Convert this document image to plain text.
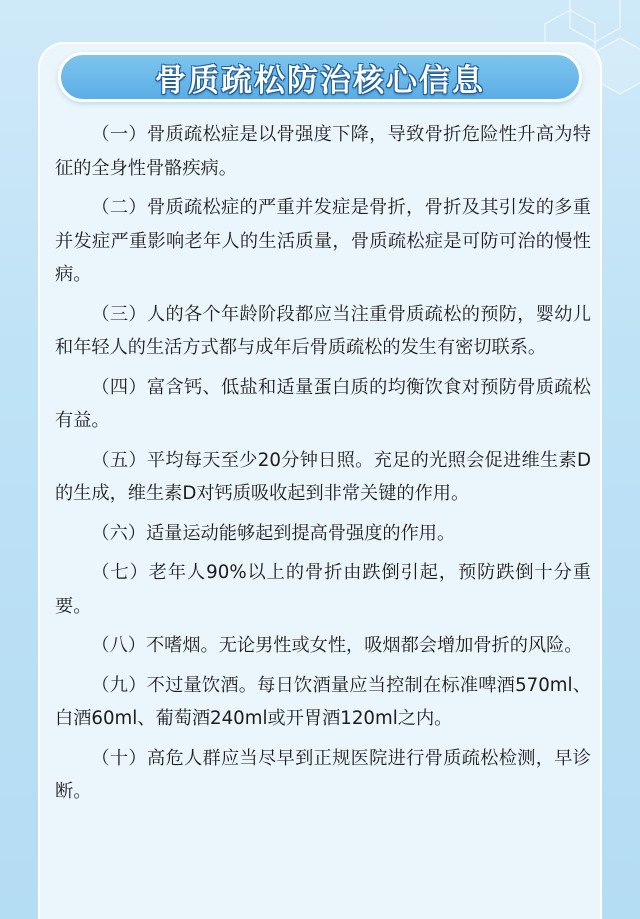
骨质疏松防治核心信息

（一）骨质疏松症是以骨强度下降，导致骨折危险性升高为特征的全身性骨骼疾病。

（二）骨质疏松症的严重并发症是骨折，骨折及其引发的多重并发症严重影响老年人的生活质量，骨质疏松症是可防可治的慢性病。

（三）人的各个年龄阶段都应当注重骨质疏松的预防，婴幼儿和年轻人的生活方式都与成年后骨质疏松的发生有密切联系。

（四）富含钙、低盐和适量蛋白质的均衡饮食对预防骨质疏松有益。

（五）平均每天至少20分钟日照。充足的光照会促进维生素D的生成，维生素D对钙质吸收起到非常关键的作用。

（六）适量运动能够起到提高骨强度的作用。

（七）老年人90%以上的骨折由跌倒引起，预防跌倒十分重要。

（八）不嗜烟。无论男性或女性，吸烟都会增加骨折的风险。

（九）不过量饮酒。每日饮酒量应当控制在标准啤酒570ml、白酒60ml、葡萄酒240ml或开胃酒120ml之内。

（十）高危人群应当尽早到正规医院进行骨质疏松检测，早诊断。
